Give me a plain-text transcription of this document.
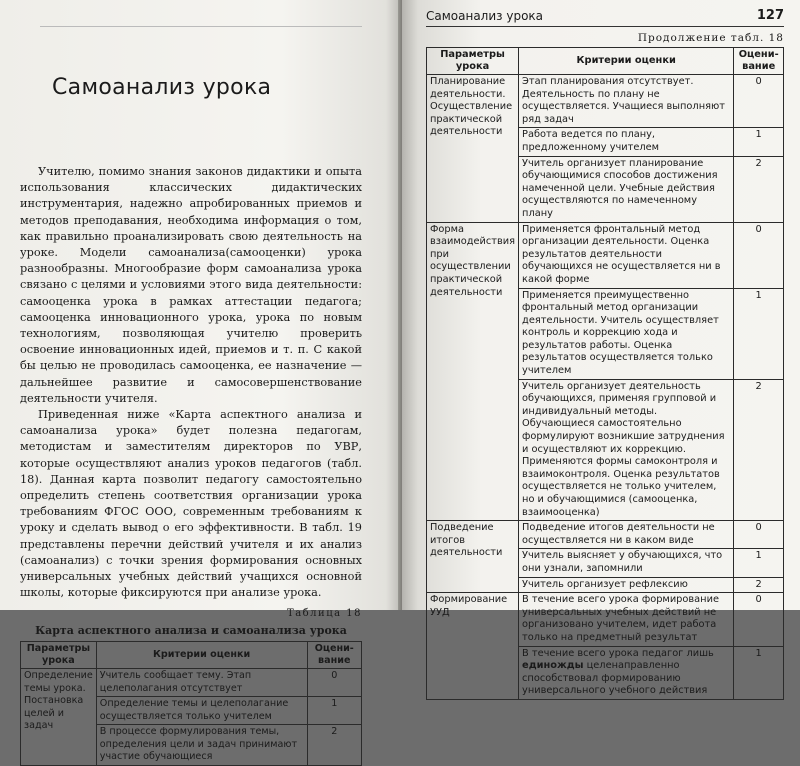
Самоанализ урока

Учителю, помимо знания законов дидактики и опыта использования классических дидактических инструментария, надежно апробированных приемов и методов преподавания, необходима информация о том, как правильно проанализировать свою деятельность на уроке. Модели самоанализа(самооценки) урока разнообразны. Многообразие форм самоанализа урока связано с целями и условиями этого вида деятельности: самооценка урока в рамках аттестации педагога; самооценка инновационного урока, урока по новым технологиям, позволяющая учителю проверить освоение инновационных идей, приемов и т. п. С какой бы целью не проводилась самооценка, ее назначение — дальнейшее развитие и самосовершенствование деятельности учителя.

Приведенная ниже «Карта аспектного анализа и самоанализа урока» будет полезна педагогам, методистам и заместителям директоров по УВР, которые осуществляют анализ уроков педагогов (табл. 18). Данная карта позволит педагогу самостоятельно определить степень соответствия организации урока требованиям ФГОС ООО, современным требованиям к уроку и сделать вывод о его эффективности. В табл. 19 представлены перечни действий учителя и их анализ (самоанализ) с точки зрения формирования основных универсальных учебных действий учащихся основной школы, которые фиксируются при анализе урока.

Таблица 18
Карта аспектного анализа и самоанализа урока
Параметры урока	Критерии оценки	Оцени-вание
Определение темы урока. Постановка целей и задач	Учитель сообщает тему. Этап целеполагания отсутствует	0
	Определение темы и целеполагание осуществляется только учителем	1
	В процессе формулирования темы, определения цели и задач принимают участие обучающиеся	2
Самоанализ урока	127
Продолжение табл. 18
Параметры урока	Критерии оценки	Оцени-вание
Планирование деятельности. Осуществление практической деятельности	Этап планирования отсутствует. Деятельность по плану не осуществляется. Учащиеся выполняют ряд задач	0
	Работа ведется по плану, предложенному учителем	1
	Учитель организует планирование обучающимися способов достижения намеченной цели. Учебные действия осуществляются по намеченному плану	2
Форма взаимодействия при осуществлении практической деятельности	Применяется фронтальный метод организации деятельности. Оценка результатов деятельности обучающихся не осуществляется ни в какой форме	0
	Применяется преимущественно фронтальный метод организации деятельности. Учитель осуществляет контроль и коррекцию хода и результатов работы. Оценка результатов осуществляется только учителем	1
	Учитель организует деятельность обучающихся, применяя групповой и индивидуальный методы. Обучающиеся самостоятельно формулируют возникшие затруднения и осуществляют их коррекцию. Применяются формы самоконтроля и взаимоконтроля. Оценка результатов осуществляется не только учителем, но и обучающимися (самооценка, взаимооценка)	2
Подведение итогов деятельности	Подведение итогов деятельности не осуществляется ни в каком виде	0
	Учитель выясняет у обучающихся, что они узнали, запомнили	1
	Учитель организует рефлексию	2
Формирование УУД	В течение всего урока формирование универсальных учебных действий не организовано учителем, идет работа только на предметный результат	0
	В течение всего урока педагог лишь единожды целенаправленно способствовал формированию универсального учебного действия	1
